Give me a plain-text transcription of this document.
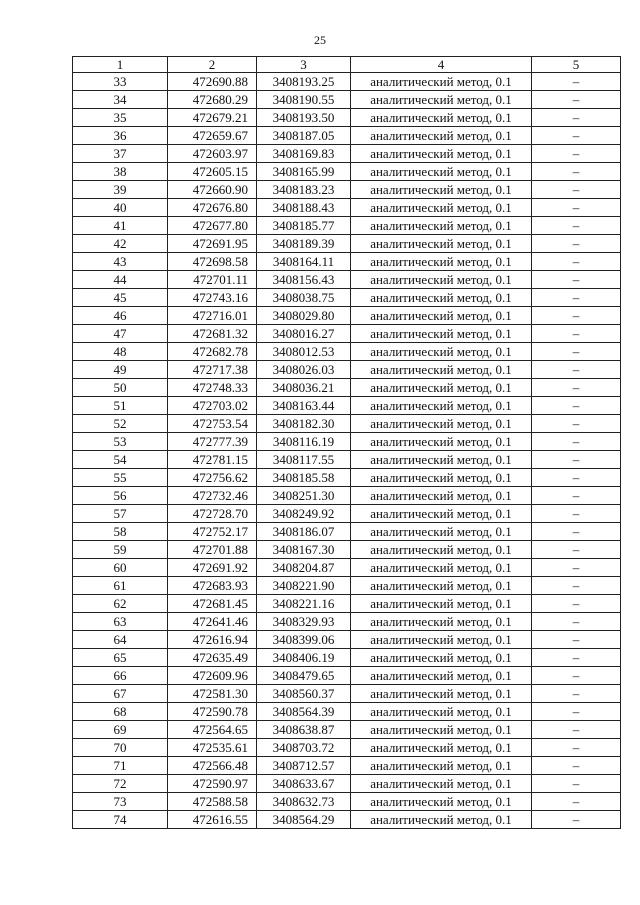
25
1	2	3	4	5
33	472690.88	3408193.25	аналитический метод, 0.1	–
34	472680.29	3408190.55	аналитический метод, 0.1	–
35	472679.21	3408193.50	аналитический метод, 0.1	–
36	472659.67	3408187.05	аналитический метод, 0.1	–
37	472603.97	3408169.83	аналитический метод, 0.1	–
38	472605.15	3408165.99	аналитический метод, 0.1	–
39	472660.90	3408183.23	аналитический метод, 0.1	–
40	472676.80	3408188.43	аналитический метод, 0.1	–
41	472677.80	3408185.77	аналитический метод, 0.1	–
42	472691.95	3408189.39	аналитический метод, 0.1	–
43	472698.58	3408164.11	аналитический метод, 0.1	–
44	472701.11	3408156.43	аналитический метод, 0.1	–
45	472743.16	3408038.75	аналитический метод, 0.1	–
46	472716.01	3408029.80	аналитический метод, 0.1	–
47	472681.32	3408016.27	аналитический метод, 0.1	–
48	472682.78	3408012.53	аналитический метод, 0.1	–
49	472717.38	3408026.03	аналитический метод, 0.1	–
50	472748.33	3408036.21	аналитический метод, 0.1	–
51	472703.02	3408163.44	аналитический метод, 0.1	–
52	472753.54	3408182.30	аналитический метод, 0.1	–
53	472777.39	3408116.19	аналитический метод, 0.1	–
54	472781.15	3408117.55	аналитический метод, 0.1	–
55	472756.62	3408185.58	аналитический метод, 0.1	–
56	472732.46	3408251.30	аналитический метод, 0.1	–
57	472728.70	3408249.92	аналитический метод, 0.1	–
58	472752.17	3408186.07	аналитический метод, 0.1	–
59	472701.88	3408167.30	аналитический метод, 0.1	–
60	472691.92	3408204.87	аналитический метод, 0.1	–
61	472683.93	3408221.90	аналитический метод, 0.1	–
62	472681.45	3408221.16	аналитический метод, 0.1	–
63	472641.46	3408329.93	аналитический метод, 0.1	–
64	472616.94	3408399.06	аналитический метод, 0.1	–
65	472635.49	3408406.19	аналитический метод, 0.1	–
66	472609.96	3408479.65	аналитический метод, 0.1	–
67	472581.30	3408560.37	аналитический метод, 0.1	–
68	472590.78	3408564.39	аналитический метод, 0.1	–
69	472564.65	3408638.87	аналитический метод, 0.1	–
70	472535.61	3408703.72	аналитический метод, 0.1	–
71	472566.48	3408712.57	аналитический метод, 0.1	–
72	472590.97	3408633.67	аналитический метод, 0.1	–
73	472588.58	3408632.73	аналитический метод, 0.1	–
74	472616.55	3408564.29	аналитический метод, 0.1	–
